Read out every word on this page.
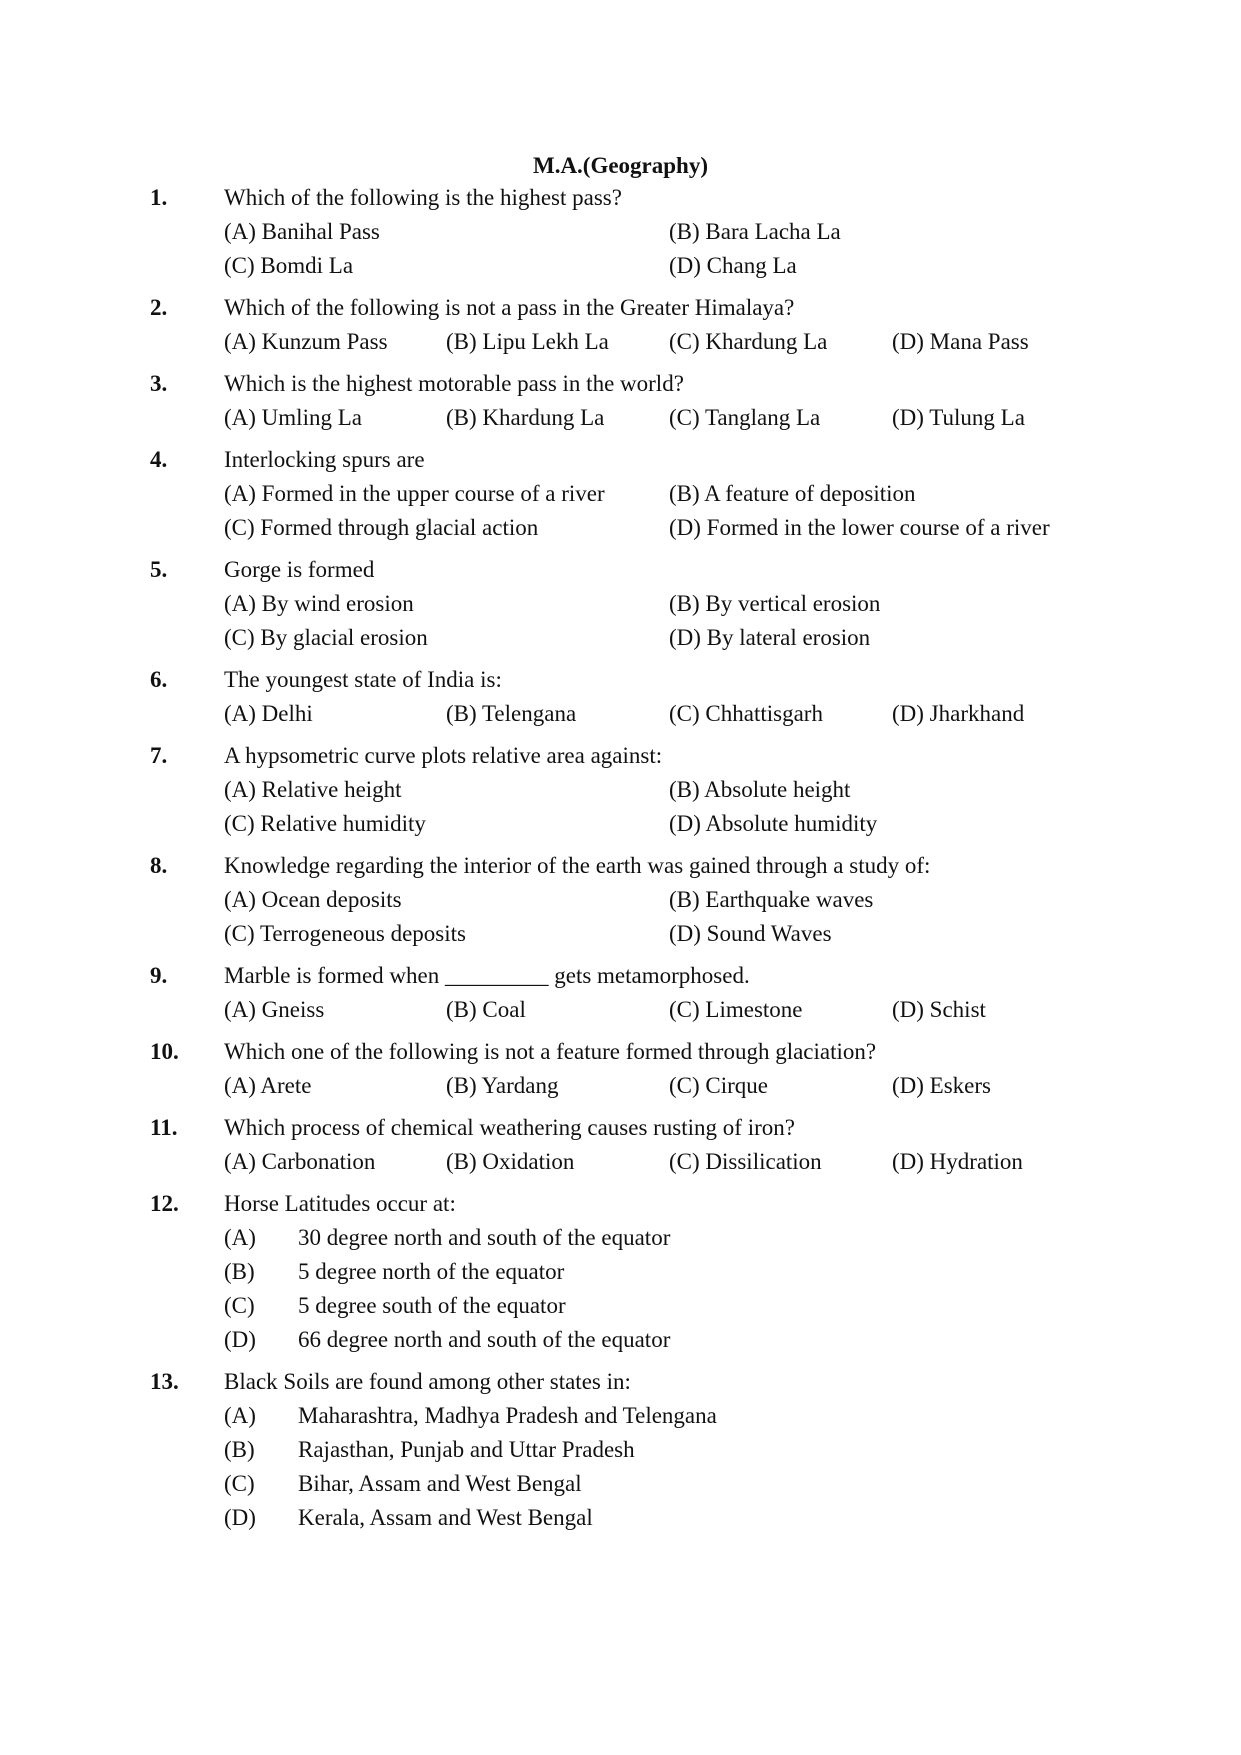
M.A.(Geography)
1. Which of the following is the highest pass?
(A) Banihal Pass	(B) Bara Lacha La
(C) Bomdi La	(D) Chang La
2. Which of the following is not a pass in the Greater Himalaya?
(A) Kunzum Pass	(B) Lipu Lekh La	(C) Khardung La	(D) Mana Pass
3. Which is the highest motorable pass in the world?
(A) Umling La	(B) Khardung La	(C) Tanglang La	(D) Tulung La
4. Interlocking spurs are
(A) Formed in the upper course of a river	(B) A feature of deposition
(C) Formed through glacial action	(D) Formed in the lower course of a river
5. Gorge is formed
(A) By wind erosion	(B) By vertical erosion
(C) By glacial erosion	(D) By lateral erosion
6. The youngest state of India is:
(A) Delhi	(B) Telengana	(C) Chhattisgarh	(D) Jharkhand
7. A hypsometric curve plots relative area against:
(A) Relative height	(B) Absolute height
(C) Relative humidity	(D) Absolute humidity
8. Knowledge regarding the interior of the earth was gained through a study of:
(A) Ocean deposits	(B) Earthquake waves
(C) Terrogeneous deposits	(D) Sound Waves
9. Marble is formed when _________ gets metamorphosed.
(A) Gneiss	(B) Coal	(C) Limestone	(D) Schist
10. Which one of the following is not a feature formed through glaciation?
(A) Arete	(B) Yardang	(C) Cirque	(D) Eskers
11. Which process of chemical weathering causes rusting of iron?
(A) Carbonation	(B) Oxidation	(C) Dissilication	(D) Hydration
12. Horse Latitudes occur at:
(A) 30 degree north and south of the equator
(B) 5 degree north of the equator
(C) 5 degree south of the equator
(D) 66 degree north and south of the equator
13. Black Soils are found among other states in:
(A) Maharashtra, Madhya Pradesh and Telengana
(B) Rajasthan, Punjab and Uttar Pradesh
(C) Bihar, Assam and West Bengal
(D) Kerala, Assam and West Bengal
